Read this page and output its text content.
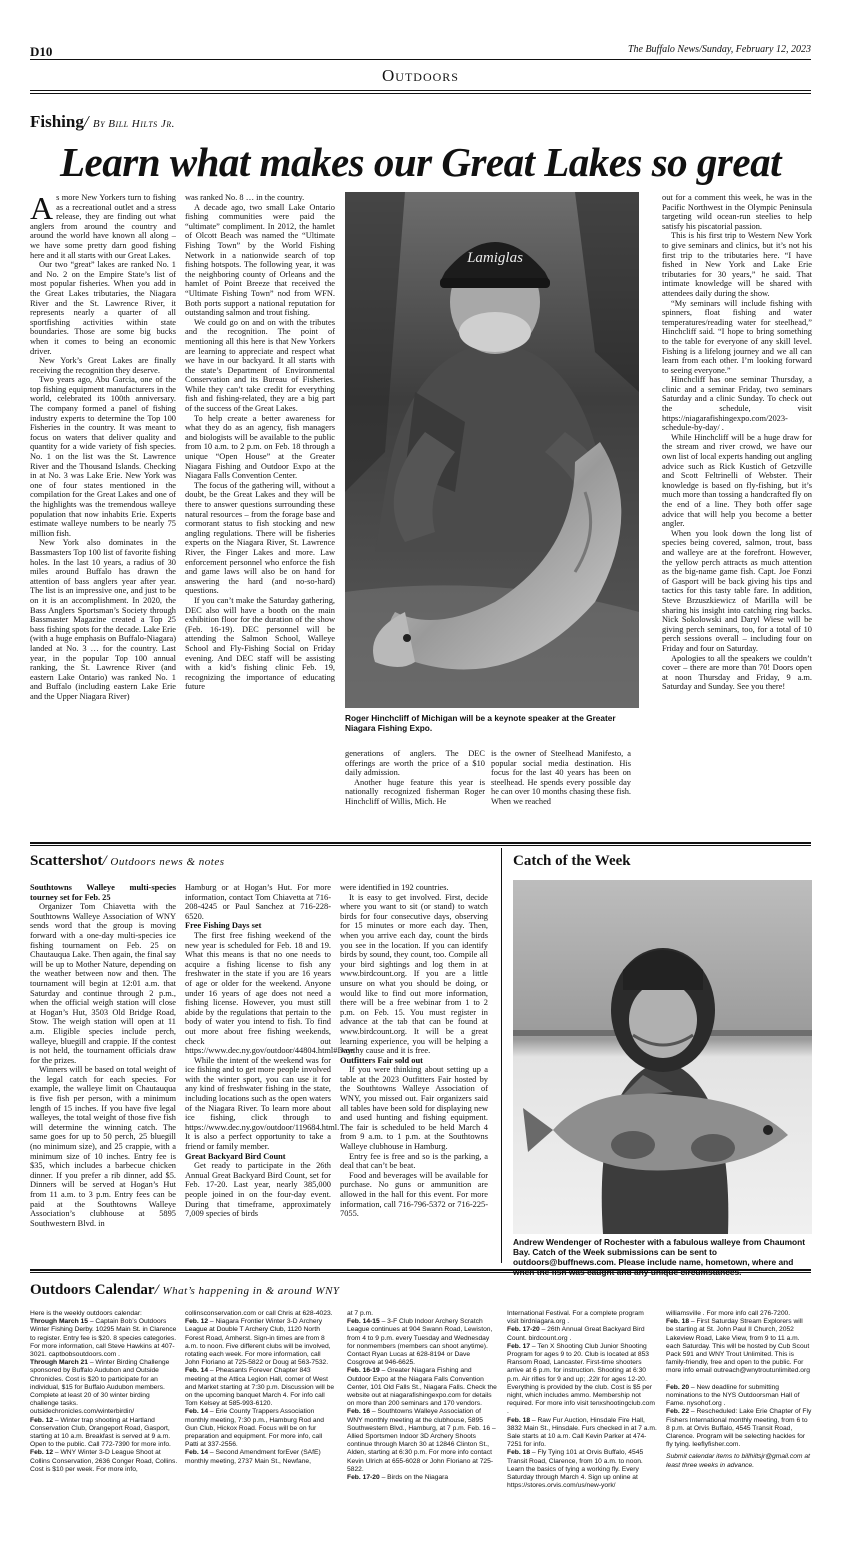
D10	The Buffalo News/Sunday, February 12, 2023
Outdoors
Fishing/ By Bill Hilts Jr.
Learn what makes our Great Lakes so great
A s more New Yorkers turn to fishing as a recreational outlet and a stress release, they are finding out what anglers from around the country and around the world have known all along – we have some pretty darn good fishing here and it all starts with our Great Lakes.

Our two “great” lakes are ranked No. 1 and No. 2 on the Empire State’s list of most popular fisheries. When you add in the Great Lakes tributaries, the Niagara River and the St. Lawrence River, it represents nearly a quarter of all sportfishing activities within state boundaries. Those are some big bucks when it comes to being an economic driver.

New York’s Great Lakes are finally receiving the recognition they deserve.

Two years ago, Abu Garcia, one of the top fishing equipment manufacturers in the world, celebrated its 100th anniversary. The company formed a panel of fishing industry experts to determine the Top 100 Fisheries in the country. It was meant to focus on waters that deliver quality and quantity for a wide variety of fish species. No. 1 on the list was the St. Lawrence River and the Thousand Islands. Checking in at No. 3 was Lake Erie. New York was one of four states mentioned in the compilation for the Great Lakes and one of the highlights was the tremendous walleye population that now inhabits Erie. Experts estimate walleye numbers to be nearly 75 million fish.

New York also dominates in the Bassmasters Top 100 list of favorite fishing holes. In the last 10 years, a radius of 30 miles around Buffalo has drawn the attention of bass anglers year after year. The list is an impressive one, and just to be on it is an accomplishment. In 2020, the Bass Anglers Sportsman’s Society through Bassmaster Magazine created a Top 25 bass fishing spots for the decade. Lake Erie (with a huge emphasis on Buffalo-Niagara) landed at No. 3 … for the country. Last year, in the popular Top 100 annual ranking, the St. Lawrence River (and eastern Lake Ontario) was ranked No. 1 and Buffalo (including eastern Lake Erie and the Upper Niagara River)

was ranked No. 8 … in the country.

A decade ago, two small Lake Ontario fishing communities were paid the “ultimate” compliment. In 2012, the hamlet of Olcott Beach was named the “Ultimate Fishing Town” by the World Fishing Network in a nationwide search of top fishing hotspots. The following year, it was the neighboring county of Orleans and the hamlet of Point Breeze that received the “Ultimate Fishing Town” nod from WFN. Both ports support a national reputation for outstanding salmon and trout fishing.

We could go on and on with the tributes and the recognition. The point of mentioning all this here is that New Yorkers are learning to appreciate and respect what we have in our backyard. It all starts with the state’s Department of Environmental Conservation and its Bureau of Fisheries. While they can’t take credit for everything fish and fishing-related, they are a big part of the success of the Great Lakes.

To help create a better awareness for what they do as an agency, fish managers and biologists will be available to the public from 10 a.m. to 2 p.m. on Feb. 18 through a unique “Open House” at the Greater Niagara Fishing and Outdoor Expo at the Niagara Falls Convention Center.

The focus of the gathering will, without a doubt, be the Great Lakes and they will be there to answer questions surrounding these natural resources – from the forage base and cormorant status to fish stocking and new angling regulations. There will be fisheries experts on the Niagara River, St. Lawrence River, the Finger Lakes and more. Law enforcement personnel who enforce the fish and game laws will also be on hand for answering the hard (and no-so-hard) questions.

If you can’t make the Saturday gathering, DEC also will have a booth on the main exhibition floor for the duration of the show (Feb. 16-19). DEC personnel will be attending the Salmon School, Walleye School and Fly-Fishing Social on Friday evening. And DEC staff will be assisting with a kid’s fishing clinic Feb. 19, recognizing the importance of educating future

generations of anglers. The DEC offerings are worth the price of a $10 daily admission.

Another huge feature this year is nationally recognized fisherman Roger Hinchcliff of Willis, Mich. He

is the owner of Steelhead Manifesto, a popular social media destination. His focus for the last 40 years has been on steelhead. He spends every possible day he can over 10 months chasing these fish. When we reached

out for a comment this week, he was in the Pacific Northwest in the Olympic Peninsula targeting wild ocean-run steelies to help satisfy his piscatorial passion.

This is his first trip to Western New York to give seminars and clinics, but it’s not his first trip to the tributaries here. “I have fished in New York and Lake Erie tributaries for 30 years,” he said. That intimate knowledge will be shared with attendees daily during the show.

“My seminars will include fishing with spinners, float fishing and water temperatures/reading water for steelhead,” Hinchcliff said. “I hope to bring something to the table for everyone of any skill level. Fishing is a lifelong journey and we all can learn from each other. I’m looking forward to seeing everyone.”

Hinchcliff has one seminar Thursday, a clinic and a seminar Friday, two seminars Saturday and a clinic Sunday. To check out the schedule, visit https://niagarafishingexpo.com/2023-schedule-by-day/ .

While Hinchcliff will be a huge draw for the stream and river crowd, we have our own list of local experts handing out angling advice such as Rick Kustich of Getzville and Scott Feltrinelli of Webster. Their knowledge is based on fly-fishing, but it’s much more than tossing a handcrafted fly on the end of a line. They both offer sage advice that will help you become a better angler.

When you look down the long list of species being covered, salmon, trout, bass and walleye are at the forefront. However, the yellow perch attracts as much attention as the big-name game fish. Capt. Joe Fonzi of Gasport will be back giving his tips and tactics for this tasty table fare. In addition, Steve Brzuszkiewicz of Marilla will be sharing his insight into catching ring backs. Nick Sokolowski and Daryl Wiese will be giving perch seminars, too, for a total of 10 perch sessions overall – including four on Friday and four on Saturday.

Apologies to all the speakers we couldn’t cover – there are more than 70! Doors open at noon Thursday and Friday, 9 a.m. Saturday and Sunday. See you there!

Lamiglas
Roger Hinchcliff of Michigan will be a keynote speaker at the Greater Niagara Fishing Expo.
Scattershot/ Outdoors news & notes	Catch of the Week

Southtowns Walleye multi-species tourney set for Feb. 25

Organizer Tom Chiavetta with the Southtowns Walleye Association of WNY sends word that the group is moving forward with a one-day multi-species ice fishing tournament on Feb. 25 on Chautauqua Lake. Then again, the final say will be up to Mother Nature, depending on the weather between now and then. The tournament will begin at 12:01 a.m. that Saturday and continue through 2 p.m., when the official weigh station will close at Hogan’s Hut, 3503 Old Bridge Road, Stow. The weigh station will open at 11 a.m. Eligible species include perch, walleye, bluegill and crappie. If the contest is not held, the tournament officials draw for the prizes.

Winners will be based on total weight of the legal catch for each species. For example, the walleye limit on Chautauqua is five fish per person, with a minimum length of 15 inches. If you have five legal walleyes, the total weight of those five fish will determine the winning catch. The same goes for up to 50 perch, 25 bluegill (no minimum size), and 25 crappie, with a minimum size of 10 inches. Entry fee is $35, which includes a barbecue chicken dinner. If you prefer a rib dinner, add $5. Dinners will be served at Hogan’s Hut from 11 a.m. to 3 p.m. Entry fees can be paid at the Southtowns Walleye Association’s clubhouse at 5895 Southwestern Blvd. in

Hamburg or at Hogan’s Hut. For more information, contact Tom Chiavetta at 716-208-4245 or Paul Sanchez at 716-228-6520.

Free Fishing Days set

The first free fishing weekend of the new year is scheduled for Feb. 18 and 19. What this means is that no one needs to acquire a fishing license to fish any freshwater in the state if you are 16 years of age or older for the weekend. Anyone under 16 years of age does not need a fishing license. However, you must still abide by the regulations that pertain to the body of water you intend to fish. To find out more about free fishing weekends, check out https://www.dec.ny.gov/outdoor/44804.html#Days

While the intent of the weekend was for ice fishing and to get more people involved with the winter sport, you can use it for any kind of freshwater fishing in the state, including locations such as the open waters of the Niagara River. To learn more about ice fishing, click through to https://www.dec.ny.gov/outdoor/119684.html. It is also a perfect opportunity to take a friend or family member.

Great Backyard Bird Count

Get ready to participate in the 26th Annual Great Backyard Bird Count, set for Feb. 17-20. Last year, nearly 385,000 people joined in on the four-day event. During that timeframe, approximately 7,009 species of birds

were identified in 192 countries.

It is easy to get involved. First, decide where you want to sit (or stand) to watch birds for four consecutive days, observing for 15 minutes or more each day. Then, when you arrive each day, count the birds you see in the location. If you can identify birds by sound, they count, too. Compile all your bird sightings and log them in at www.birdcount.org. If you are a little unsure on what you should be doing, or would like to find out more information, there will be a free webinar from 1 to 2 p.m. on Feb. 15. You must register in advance at the tab that can be found at www.birdcount.org. It will be a great learning experience, you will be helping a worthy cause and it is free.

Outfitters Fair sold out

If you were thinking about setting up a table at the 2023 Outfitters Fair hosted by the Southtowns Walleye Association of WNY, you missed out. Fair organizers said all tables have been sold for displaying new and used hunting and fishing equipment. The fair is scheduled to be held March 4 from 9 a.m. to 1 p.m. at the Southtowns Walleye clubhouse in Hamburg.

Entry fee is free and so is the parking, a deal that can’t be beat.

Food and beverages will be available for purchase. No guns or ammunition are allowed in the hall for this event. For more information, call 716-796-5372 or 716-225-7055.

Andrew Wendenger of Rochester with a fabulous walleye from Chaumont Bay. Catch of the Week submissions can be sent to outdoors@buffnews.com. Please include name, hometown, where and when the fish was caught and any unique circumstances.
Outdoors Calendar/ What’s happening in & around WNY

Here is the weekly outdoors calendar:

Through March 15 – Captain Bob’s Outdoors Winter Fishing Derby. 10295 Main St. in Clarence to register. Entry fee is $20. 8 species categories. For more information, call Steve Hawkins at 407-3021. captbobsoutdoors.com .

Through March 21 – Winter Birding Challenge sponsored by Buffalo Audubon and Outside Chronicles. Cost is $20 to participate for an individual, $15 for Buffalo Audubon members. Complete at least 20 of 30 winter birding challenge tasks. outsidechronicles.com/winterbirdin/

Feb. 12 – Winter trap shooting at Hartland Conservation Club, Orangeport Road, Gasport, starting at 10 a.m. Breakfast is served at 9 a.m. Open to the public. Call 772-7390 for more info.

Feb. 12 – WNY Winter 3-D League Shoot at Collins Conservation, 2636 Conger Road, Collins. Cost is $10 per week. For more info,

collinsconservation.com or call Chris at 628-4023.

Feb. 12 – Niagara Frontier Winter 3-D Archery League at Double T Archery Club, 1120 North Forest Road, Amherst. Sign-in times are from 8 a.m. to noon. Five different clubs will be involved, rotating each week. For more information, call John Floriano at 725-5822 or Doug at 563-7532.

Feb. 14 – Pheasants Forever Chapter 843 meeting at the Attica Legion Hall, corner of West and Market starting at 7:30 p.m. Discussion will be on the upcoming banquet March 4. For info call Tom Kelsey at 585-993-6120.

Feb. 14 – Erie County Trappers Association monthly meeting, 7:30 p.m., Hamburg Rod and Gun Club, Hickox Road. Focus will be on fur preparation and equipment. For more info, call Patti at 337-2556.

Feb. 14 – Second Amendment forEver (SAfE) monthly meeting, 2737 Main St., Newfane,

at 7 p.m.

Feb. 14-15 – 3-F Club Indoor Archery Scratch League continues at 904 Swann Road, Lewiston, from 4 to 9 p.m. every Tuesday and Wednesday for nonmembers (members can shoot anytime). Contact Ryan Lucas at 628-8194 or Dave Cosgrove at 946-6625.

Feb. 16-19 – Greater Niagara Fishing and Outdoor Expo at the Niagara Falls Convention Center, 101 Old Falls St., Niagara Falls. Check the website out at niagarafishingexpo.com for details on more than 200 seminars and 170 vendors.

Feb. 16 – Southtowns Walleye Association of WNY monthly meeting at the clubhouse, 5895 Southwestern Blvd., Hamburg, at 7 p.m. Feb. 16 – Allied Sportsmen Indoor 3D Archery Shoots continue through March 30 at 12846 Clinton St., Alden, starting at 6:30 p.m. For more info contact Kevin Ulrich at 655-6028 or John Floriano at 725-5822.

Feb. 17-20 – Birds on the Niagara

International Festival. For a complete program visit birdniagara.org .

Feb. 17-20 – 26th Annual Great Backyard Bird Count. birdcount.org .

Feb. 17 – Ten X Shooting Club Junior Shooting Program for ages 9 to 20. Club is located at 853 Ransom Road, Lancaster. First-time shooters arrive at 6 p.m. for instruction. Shooting at 6:30 p.m. Air rifles for 9 and up; .22lr for ages 12-20. Everything is provided by the club. Cost is $5 per night, which includes ammo. Membership not required. For more info visit tenxshootingclub.com .

Feb. 18 – Raw Fur Auction, Hinsdale Fire Hall, 3832 Main St., Hinsdale. Furs checked in at 7 a.m. Sale starts at 10 a.m. Call Kevin Parker at 474-7251 for info.

Feb. 18 – Fly Tying 101 at Orvis Buffalo, 4545 Transit Road, Clarence, from 10 a.m. to noon. Learn the basics of tying a working fly. Every Saturday through March 4. Sign up online at https://stores.orvis.com/us/new-york/

williamsville . For more info call 276-7200.

Feb. 18 – First Saturday Stream Explorers will be starting at St. John Paul II Church, 2052 Lakeview Road, Lake View, from 9 to 11 a.m. each Saturday. This will be hosted by Cub Scout Pack 591 and WNY Trout Unlimited. This is family-friendly, free and open to the public. For more info email outreach@wnytroutunlimited.org .

Feb. 20 – New deadline for submitting nominations to the NYS Outdoorsman Hall of Fame. nysohof.org .

Feb. 22 – Rescheduled: Lake Erie Chapter of Fly Fishers International monthly meeting, from 6 to 8 p.m. at Orvis Buffalo, 4545 Transit Road, Clarence. Program will be selecting hackles for fly tying. leeflyfisher.com.

Submit calendar items to billhiltsjr@gmail.com at least three weeks in advance.
